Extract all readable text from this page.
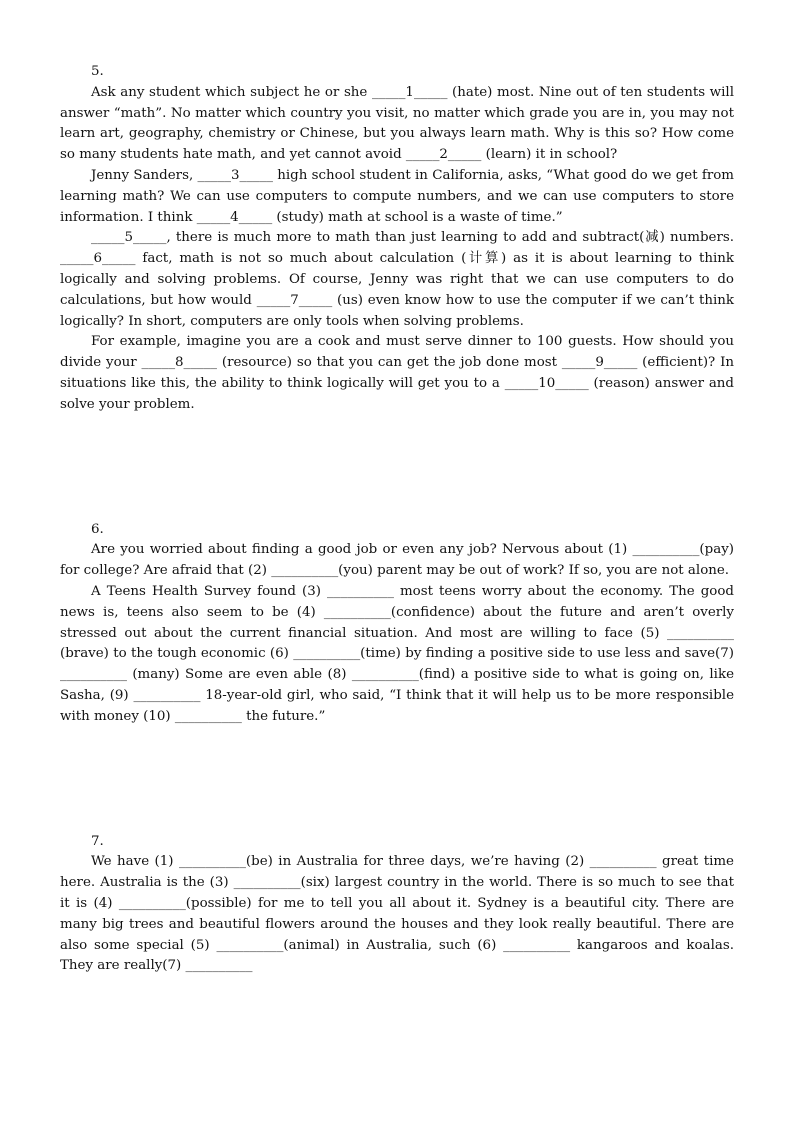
5.

Ask any student which subject he or she _____1_____ (hate) most. Nine out of ten students will answer “math”. No matter which country you visit, no matter which grade you are in, you may not learn art, geography, chemistry or Chinese, but you always learn math. Why is this so? How come so many students hate math, and yet cannot avoid _____2_____ (learn) it in school?

Jenny Sanders, _____3_____ high school student in California, asks, “What good do we get from learning math? We can use computers to compute numbers, and we can use computers to store information. I think _____4_____ (study) math at school is a waste of time.”

_____5_____, there is much more to math than just learning to add and subtract(减) numbers. _____6_____ fact, math is not so much about calculation (计算) as it is about learning to think logically and solving problems. Of course, Jenny was right that we can use computers to do calculations, but how would _____7_____ (us) even know how to use the computer if we can’t think logically? In short, computers are only tools when solving problems.

For example, imagine you are a cook and must serve dinner to 100 guests. How should you divide your _____8_____ (resource) so that you can get the job done most _____9_____ (efficient)? In situations like this, the ability to think logically will get you to a _____10_____ (reason) answer and solve your problem.

6.

Are you worried about finding a good job or even any job? Nervous about (1) __________(pay) for college? Are afraid that (2) __________(you) parent may be out of work? If so, you are not alone.

A Teens Health Survey found (3) __________ most teens worry about the economy. The good news is, teens also seem to be (4) __________(confidence) about the future and aren’t overly stressed out about the current financial situation. And most are willing to face (5) __________ (brave) to the tough economic (6) __________(time) by finding a positive side to use less and save(7) __________ (many) Some are even able (8) __________(find) a positive side to what is going on, like Sasha, (9) __________ 18-year-old girl, who said, “I think that it will help us to be more responsible with money (10) __________ the future.”

7.

We have (1) __________(be) in Australia for three days, we’re having (2) __________ great time here. Australia is the (3) __________(six) largest country in the world. There is so much to see that it is (4) __________(possible) for me to tell you all about it. Sydney is a beautiful city. There are many big trees and beautiful flowers around the houses and they look really beautiful. There are also some special (5) __________(animal) in Australia, such (6) __________ kangaroos and koalas. They are really(7) __________
